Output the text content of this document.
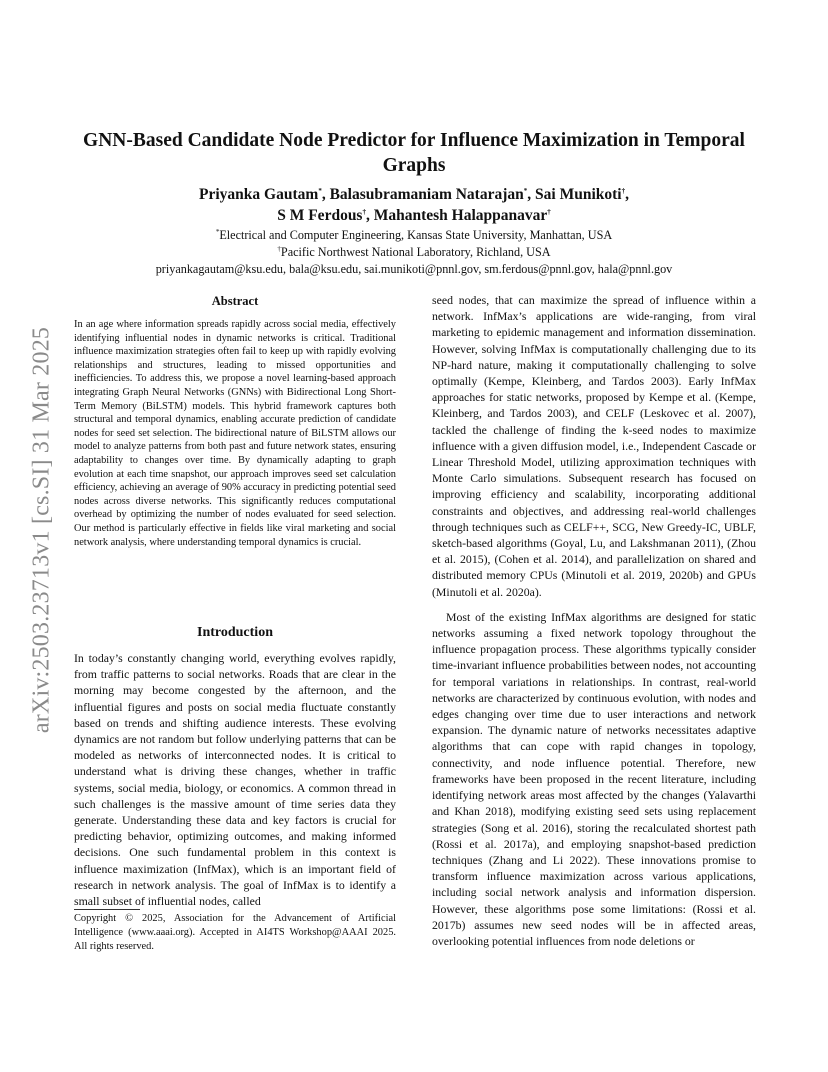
arXiv:2503.23713v1 [cs.SI] 31 Mar 2025
GNN-Based Candidate Node Predictor for Influence Maximization in Temporal Graphs
Priyanka Gautam*, Balasubramaniam Natarajan*, Sai Munikoti†,
S M Ferdous†, Mahantesh Halappanavar†
*Electrical and Computer Engineering, Kansas State University, Manhattan, USA
†Pacific Northwest National Laboratory, Richland, USA
priyankagautam@ksu.edu, bala@ksu.edu, sai.munikoti@pnnl.gov, sm.ferdous@pnnl.gov, hala@pnnl.gov
Abstract
In an age where information spreads rapidly across social media, effectively identifying influential nodes in dynamic networks is critical. Traditional influence maximization strategies often fail to keep up with rapidly evolving relationships and structures, leading to missed opportunities and inefficiencies. To address this, we propose a novel learning-based approach integrating Graph Neural Networks (GNNs) with Bidirectional Long Short-Term Memory (BiLSTM) models. This hybrid framework captures both structural and temporal dynamics, enabling accurate prediction of candidate nodes for seed set selection. The bidirectional nature of BiLSTM allows our model to analyze patterns from both past and future network states, ensuring adaptability to changes over time. By dynamically adapting to graph evolution at each time snapshot, our approach improves seed set calculation efficiency, achieving an average of 90% accuracy in predicting potential seed nodes across diverse networks. This significantly reduces computational overhead by optimizing the number of nodes evaluated for seed selection. Our method is particularly effective in fields like viral marketing and social network analysis, where understanding temporal dynamics is crucial.
Introduction
In today’s constantly changing world, everything evolves rapidly, from traffic patterns to social networks. Roads that are clear in the morning may become congested by the afternoon, and the influential figures and posts on social media fluctuate constantly based on trends and shifting audience interests. These evolving dynamics are not random but follow underlying patterns that can be modeled as networks of interconnected nodes. It is critical to understand what is driving these changes, whether in traffic systems, social media, biology, or economics. A common thread in such challenges is the massive amount of time series data they generate. Understanding these data and key factors is crucial for predicting behavior, optimizing outcomes, and making informed decisions. One such fundamental problem in this context is influence maximization (InfMax), which is an important field of research in network analysis. The goal of InfMax is to identify a small subset of influential nodes, called
Copyright © 2025, Association for the Advancement of Artificial Intelligence (www.aaai.org). Accepted in AI4TS Workshop@AAAI 2025. All rights reserved.

seed nodes, that can maximize the spread of influence within a network. InfMax’s applications are wide-ranging, from viral marketing to epidemic management and information dissemination. However, solving InfMax is computationally challenging due to its NP-hard nature, making it computationally challenging to solve optimally (Kempe, Kleinberg, and Tardos 2003). Early InfMax approaches for static networks, proposed by Kempe et al. (Kempe, Kleinberg, and Tardos 2003), and CELF (Leskovec et al. 2007), tackled the challenge of finding the k-seed nodes to maximize influence with a given diffusion model, i.e., Independent Cascade or Linear Threshold Model, utilizing approximation techniques with Monte Carlo simulations. Subsequent research has focused on improving efficiency and scalability, incorporating additional constraints and objectives, and addressing real-world challenges through techniques such as CELF++, SCG, New Greedy-IC, UBLF, sketch-based algorithms (Goyal, Lu, and Lakshmanan 2011), (Zhou et al. 2015), (Cohen et al. 2014), and parallelization on shared and distributed memory CPUs (Minutoli et al. 2019, 2020b) and GPUs (Minutoli et al. 2020a).

Most of the existing InfMax algorithms are designed for static networks assuming a fixed network topology throughout the influence propagation process. These algorithms typically consider time-invariant influence probabilities between nodes, not accounting for temporal variations in relationships. In contrast, real-world networks are characterized by continuous evolution, with nodes and edges changing over time due to user interactions and network expansion. The dynamic nature of networks necessitates adaptive algorithms that can cope with rapid changes in topology, connectivity, and node influence potential. Therefore, new frameworks have been proposed in the recent literature, including identifying network areas most affected by the changes (Yalavarthi and Khan 2018), modifying existing seed sets using replacement strategies (Song et al. 2016), storing the recalculated shortest path (Rossi et al. 2017a), and employing snapshot-based prediction techniques (Zhang and Li 2022). These innovations promise to transform influence maximization across various applications, including social network analysis and information dispersion. However, these algorithms pose some limitations: (Rossi et al. 2017b) assumes new seed nodes will be in affected areas, overlooking potential influences from node deletions or
